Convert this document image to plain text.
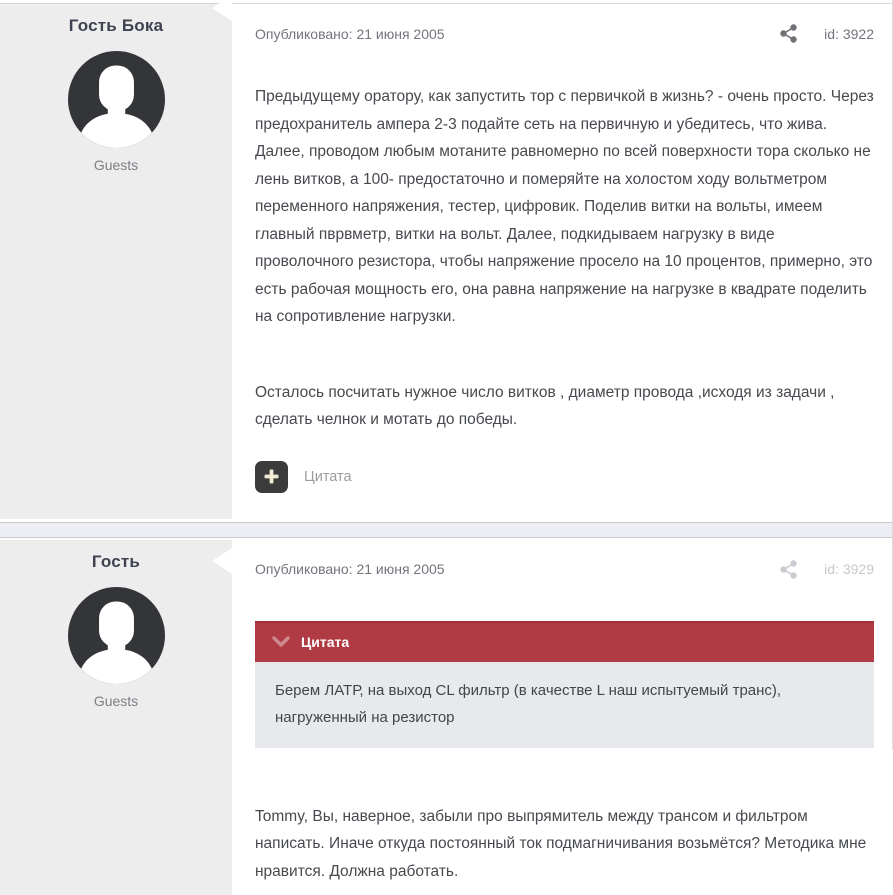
Гость Бока
Guests
Опубликовано: 21 июня 2005	id: 3922

Предыдущему оратору, как запустить тор с первичкой в жизнь? - очень просто. Через предохранитель ампера 2-3 подайте сеть на первичную и убедитесь, что жива. Далее, проводом любым мотаните равномерно по всей поверхности тора сколько не лень витков, а 100- предостаточно и померяйте на холостом ходу вольтметром переменного напряжения, тестер, цифровик. Поделив витки на вольты, имеем главный пврвметр, витки на вольт. Далее, подкидываем нагрузку в виде проволочного резистора, чтобы напряжение просело на 10 процентов, примерно, это есть рабочая мощность его, она равна напряжение на нагрузке в квадрате поделить на сопротивление нагрузки.

Осталось посчитать нужное число витков , диаметр провода ,исходя из задачи , сделать челнок и мотать до победы.

Цитата
Гость
Guests
Опубликовано: 21 июня 2005	id: 3929
Цитата
Берем ЛАТР, на выход CL фильтр (в качестве L наш испытуемый транс), нагруженный на резистор

Tommy, Вы, наверное, забыли про выпрямитель между трансом и фильтром написать. Иначе откуда постоянный ток подмагничивания возьмётся? Методика мне нравится. Должна работать.
